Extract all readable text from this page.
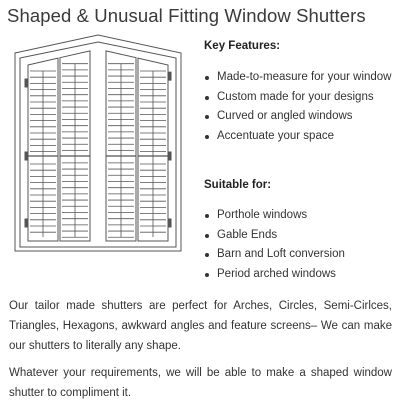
Shaped & Unusual Fitting Window Shutters
Key Features:
Made-to-measure for your window
Custom made for your designs
Curved or angled windows
Accentuate your space
Suitable for:
Porthole windows
Gable Ends
Barn and Loft conversion
Period arched windows

Our tailor made shutters are perfect for Arches, Circles, Semi-Cirlces, Triangles, Hexagons, awkward angles and feature screens– We can make our shutters to literally any shape.

Whatever your requirements, we will be able to make a shaped window shutter to compliment it.
